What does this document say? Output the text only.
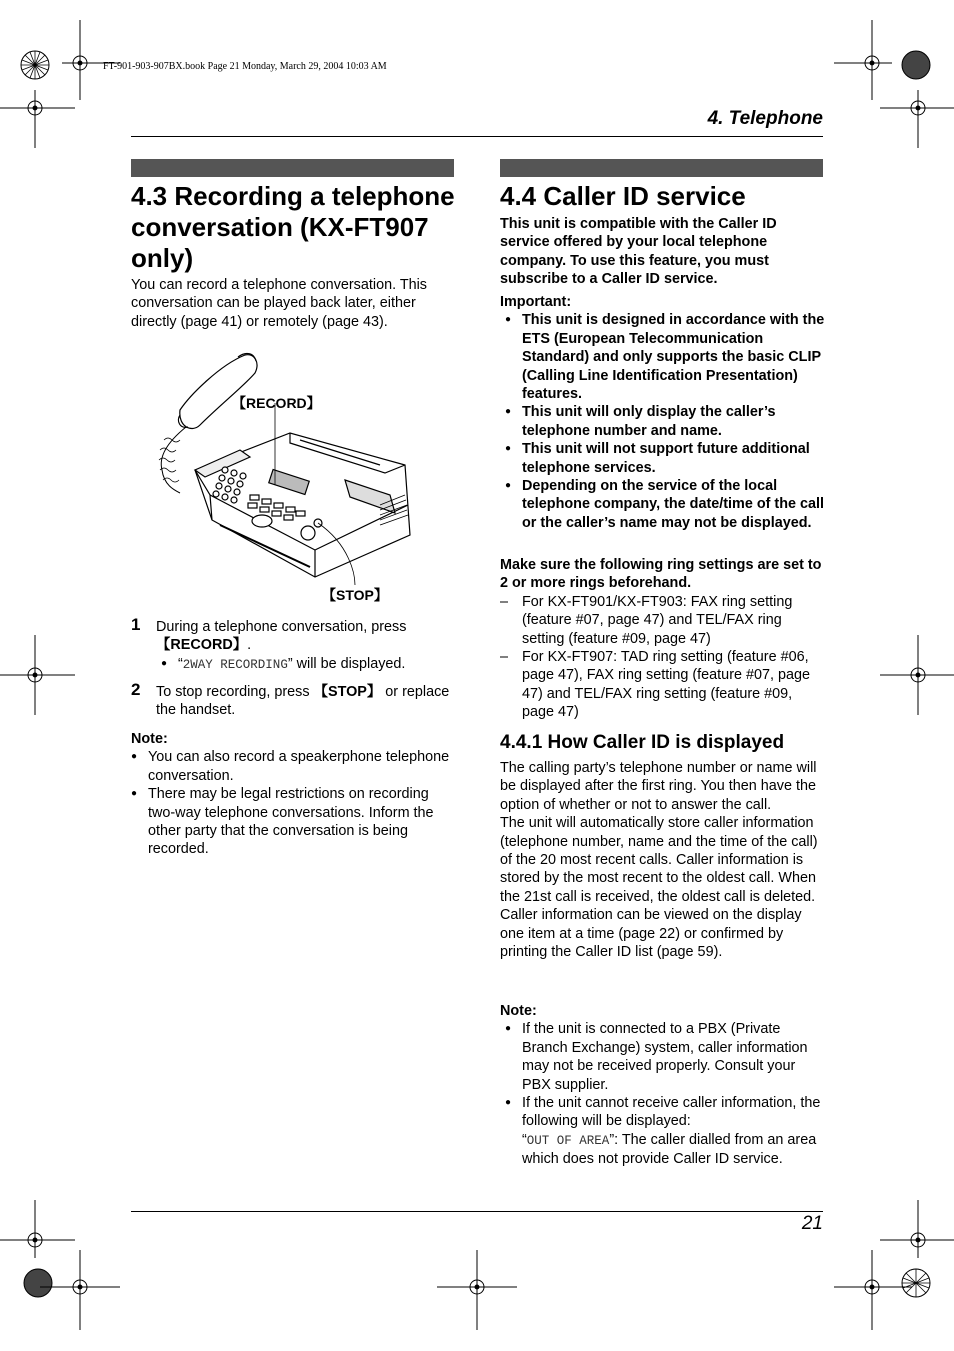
FT-901-903-907BX.book Page 21 Monday, March 29, 2004 10:03 AM
4. Telephone
4.3 Recording a telephone conversation (KX-FT907 only)
You can record a telephone conversation. This conversation can be played back later, either directly (page 41) or remotely (page 43).
【RECORD】
【STOP】
1	During a telephone conversation, press 【RECORD】.
● “2WAY RECORDING” will be displayed.
2	To stop recording, press 【STOP】 or replace the handset.
Note:
● You can also record a speakerphone telephone conversation.
● There may be legal restrictions on recording two-way telephone conversations. Inform the other party that the conversation is being recorded.
4.4 Caller ID service
This unit is compatible with the Caller ID service offered by your local telephone company. To use this feature, you must subscribe to a Caller ID service.
Important:
● This unit is designed in accordance with the ETS (European Telecommunication Standard) and only supports the basic CLIP (Calling Line Identification Presentation) features.
● This unit will only display the caller’s telephone number and name.
● This unit will not support future additional telephone services.
● Depending on the service of the local telephone company, the date/time of the call or the caller’s name may not be displayed.
Make sure the following ring settings are set to 2 or more rings beforehand.
– For KX-FT901/KX-FT903: FAX ring setting (feature #07, page 47) and TEL/FAX ring setting (feature #09, page 47)
– For KX-FT907: TAD ring setting (feature #06, page 47), FAX ring setting (feature #07, page 47) and TEL/FAX ring setting (feature #09, page 47)
4.4.1 How Caller ID is displayed
The calling party’s telephone number or name will be displayed after the first ring. You then have the option of whether or not to answer the call.
The unit will automatically store caller information (telephone number, name and the time of the call) of the 20 most recent calls. Caller information is stored by the most recent to the oldest call. When the 21st call is received, the oldest call is deleted.
Caller information can be viewed on the display one item at a time (page 22) or confirmed by printing the Caller ID list (page 59).
Note:
● If the unit is connected to a PBX (Private Branch Exchange) system, caller information may not be received properly. Consult your PBX supplier.
● If the unit cannot receive caller information, the following will be displayed:
“OUT OF AREA”: The caller dialled from an area which does not provide Caller ID service.
21
